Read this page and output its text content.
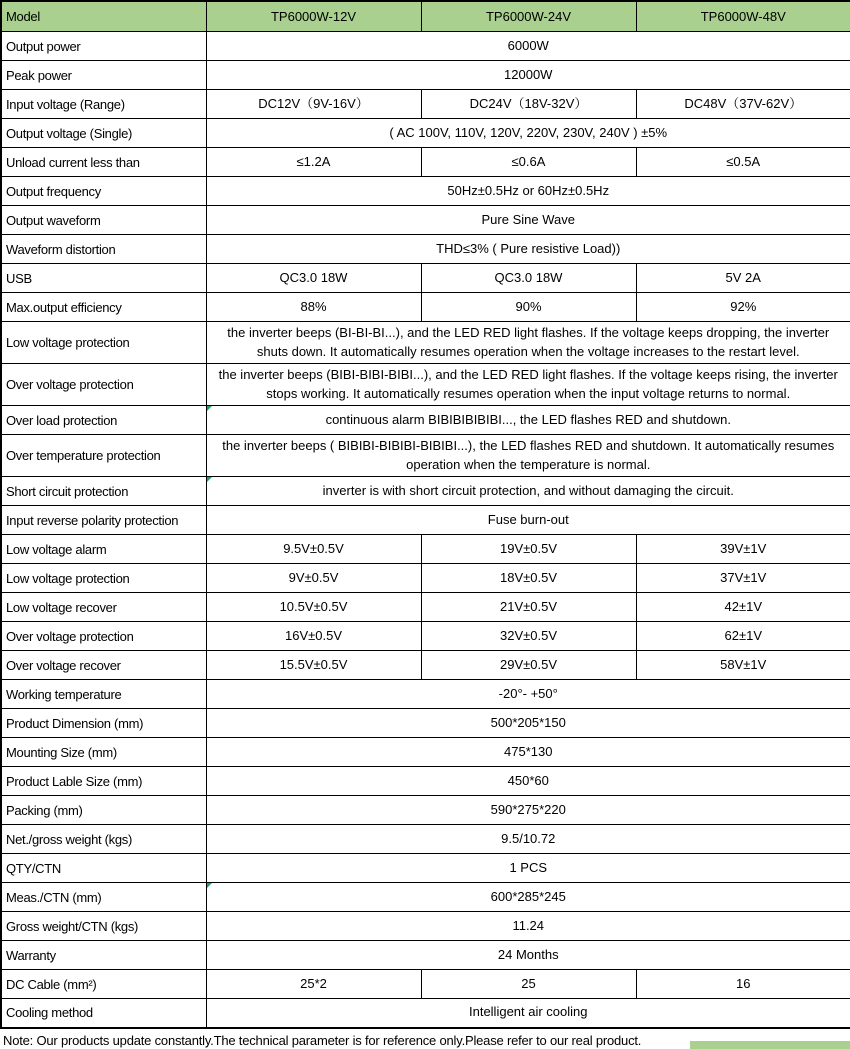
Model	TP6000W-12V	TP6000W-24V	TP6000W-48V
Output power	6000W		
Peak power	12000W		
Input voltage (Range)	DC12V（9V-16V）	DC24V（18V-32V）	DC48V（37V-62V）
Output voltage (Single)	( AC 100V, 110V, 120V, 220V, 230V, 240V ) ±5%		
Unload current less than	≤1.2A	≤0.6A	≤0.5A
Output frequency	50Hz±0.5Hz or 60Hz±0.5Hz		
Output waveform	Pure Sine Wave		
Waveform distortion	THD≤3% ( Pure resistive Load))		
USB	QC3.0 18W	QC3.0 18W	5V 2A
Max.output efficiency	88%	90%	92%
Low voltage protection	the inverter beeps (BI-BI-BI...), and the LED RED light flashes. If the voltage keeps dropping, the inverter shuts down. It automatically resumes operation when the voltage increases to the restart level.		
Over voltage protection	the inverter beeps (BIBI-BIBI-BIBI...), and the LED RED light flashes. If the voltage keeps rising, the inverter stops working. It automatically resumes operation when the input voltage returns to normal.		
Over load protection	continuous alarm BIBIBIBIBIBI..., the LED flashes RED and shutdown.		
Over temperature protection	the inverter beeps ( BIBIBI-BIBIBI-BIBIBI...), the LED flashes RED and shutdown. It automatically resumes operation when the temperature is normal.		
Short circuit protection	inverter is with short circuit protection, and without damaging the circuit.		
Input reverse polarity protection	Fuse burn-out		
Low voltage alarm	9.5V±0.5V	19V±0.5V	39V±1V
Low voltage protection	9V±0.5V	18V±0.5V	37V±1V
Low voltage recover	10.5V±0.5V	21V±0.5V	42±1V
Over voltage protection	16V±0.5V	32V±0.5V	62±1V
Over voltage recover	15.5V±0.5V	29V±0.5V	58V±1V
Working temperature	-20°- +50°		
Product Dimension (mm)	500*205*150		
Mounting Size (mm)	475*130		
Product Lable Size (mm)	450*60		
Packing (mm)	590*275*220		
Net./gross weight (kgs)	9.5/10.72		
QTY/CTN	1 PCS		
Meas./CTN (mm)	600*285*245		
Gross weight/CTN (kgs)	11.24		
Warranty	24 Months		
DC Cable (mm²)	25*2	25	16
Cooling method	Intelligent air cooling		
Note: Our products update constantly.The technical parameter is for reference only.Please refer to our real product.
